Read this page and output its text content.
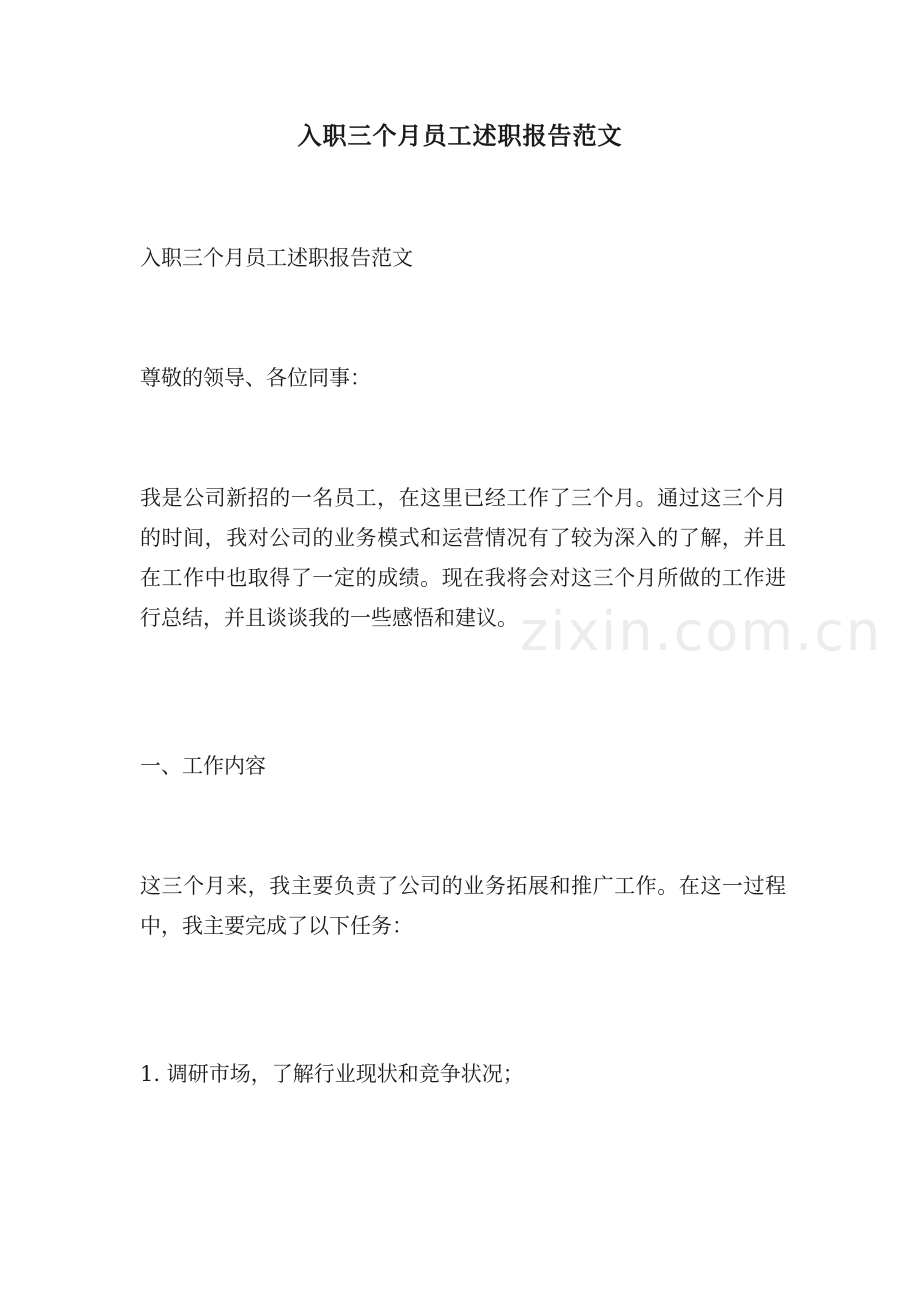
入职三个月员工述职报告范文

入职三个月员工述职报告范文

尊敬的领导、各位同事：

我是公司新招的一名员工，在这里已经工作了三个月。通过这三个月的时间，我对公司的业务模式和运营情况有了较为深入的了解，并且在工作中也取得了一定的成绩。现在我将会对这三个月所做的工作进行总结，并且谈谈我的一些感悟和建议。

一、工作内容

这三个月来，我主要负责了公司的业务拓展和推广工作。在这一过程中，我主要完成了以下任务：

1. 调研市场，了解行业现状和竞争状况；

zixin.com.cn
